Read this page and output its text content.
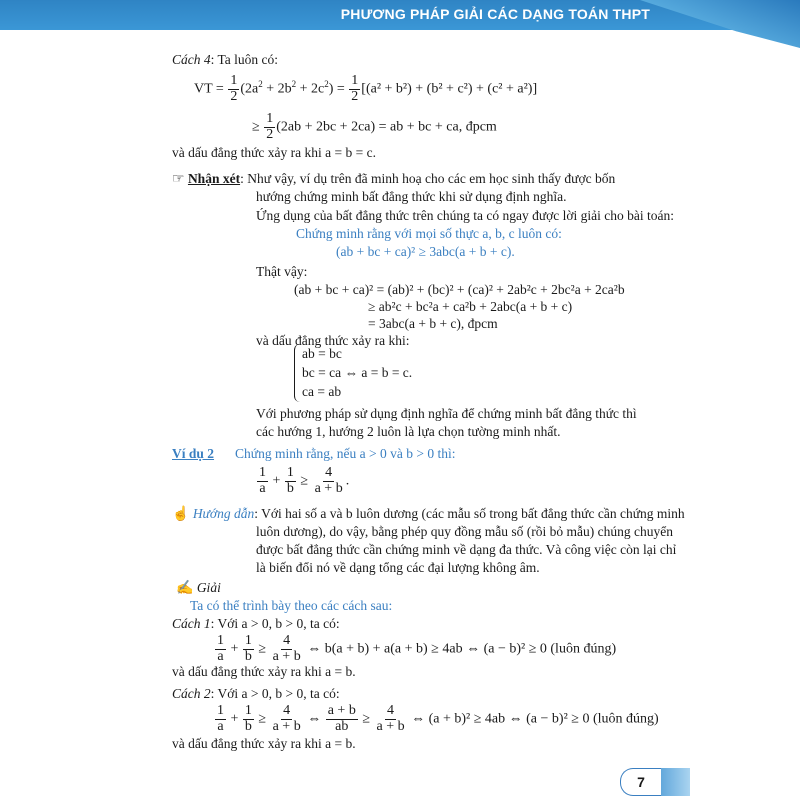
PHƯƠNG PHÁP GIẢI CÁC DẠNG TOÁN THPT
Cách 4: Ta luôn có:
VT = $\frac{1}{2} (2a^2 + 2b^2 + 2c^2) = \frac{1}{2} [(a^2 + b^2) + (b^2 + c^2) + (c^2 + a^2)]$
≥ $\frac{1}{2} (2ab + 2bc + 2ca)$ = ab + bc + ca, đpcm
và dấu đẳng thức xảy ra khi a = b = c.
☞ Nhận xét: Như vậy, ví dụ trên đã minh hoạ cho các em học sinh thấy được bốn
hướng chứng minh bất đẳng thức khi sử dụng định nghĩa.
Ứng dụng của bất đẳng thức trên chúng ta có ngay được lời giải cho bài toán:
Chứng minh rằng với mọi số thực a, b, c luôn có:
(ab + bc + ca)² ≥ 3abc(a + b + c).
Thật vậy:
(ab + bc + ca)² = (ab)² + (bc)² + (ca)² + 2ab²c + 2bc²a + 2ca²b
≥ ab²c + bc²a + ca²b + 2abc(a + b + c)
= 3abc(a + b + c), đpcm
và dấu đẳng thức xảy ra khi:
ab = bc
bc = ca ⇔ a = b = c.
ca = ab
Với phương pháp sử dụng định nghĩa để chứng minh bất đẳng thức thì
các hướng 1, hướng 2 luôn là lựa chọn tường minh nhất.
Ví dụ 2 Chứng minh rằng, nếu a > 0 và b > 0 thì:
$\frac{1}{a} + \frac{1}{b} \ge \frac{4}{a + b}$ .
☝ Hướng dẫn: Với hai số a và b luôn dương (các mẫu số trong bất đẳng thức cần chứng minh
luôn dương), do vậy, bằng phép quy đồng mẫu số (rồi bỏ mẫu) chúng chuyển
được bất đẳng thức cần chứng minh về dạng đa thức. Và công việc còn lại chỉ
là biến đổi nó về dạng tổng các đại lượng không âm.
✍ Giải
Ta có thể trình bày theo các cách sau:
Cách 1: Với a > 0, b > 0, ta có:
$\frac{1}{a} + \frac{1}{b} \ge \frac{4}{a + b}$ ⇔ b(a + b) + a(a + b) ≥ 4ab ⇔ (a − b)² ≥ 0 (luôn đúng)
và dấu đẳng thức xảy ra khi a = b.
Cách 2: Với a > 0, b > 0, ta có:
$\frac{1}{a} + \frac{1}{b} \ge \frac{4}{a + b}$ ⇔ $\frac{a + b}{ab} \ge \frac{4}{a + b}$ ⇔ (a + b)² ≥ 4ab ⇔ (a − b)² ≥ 0 (luôn đúng)
và dấu đẳng thức xảy ra khi a = b.
7
